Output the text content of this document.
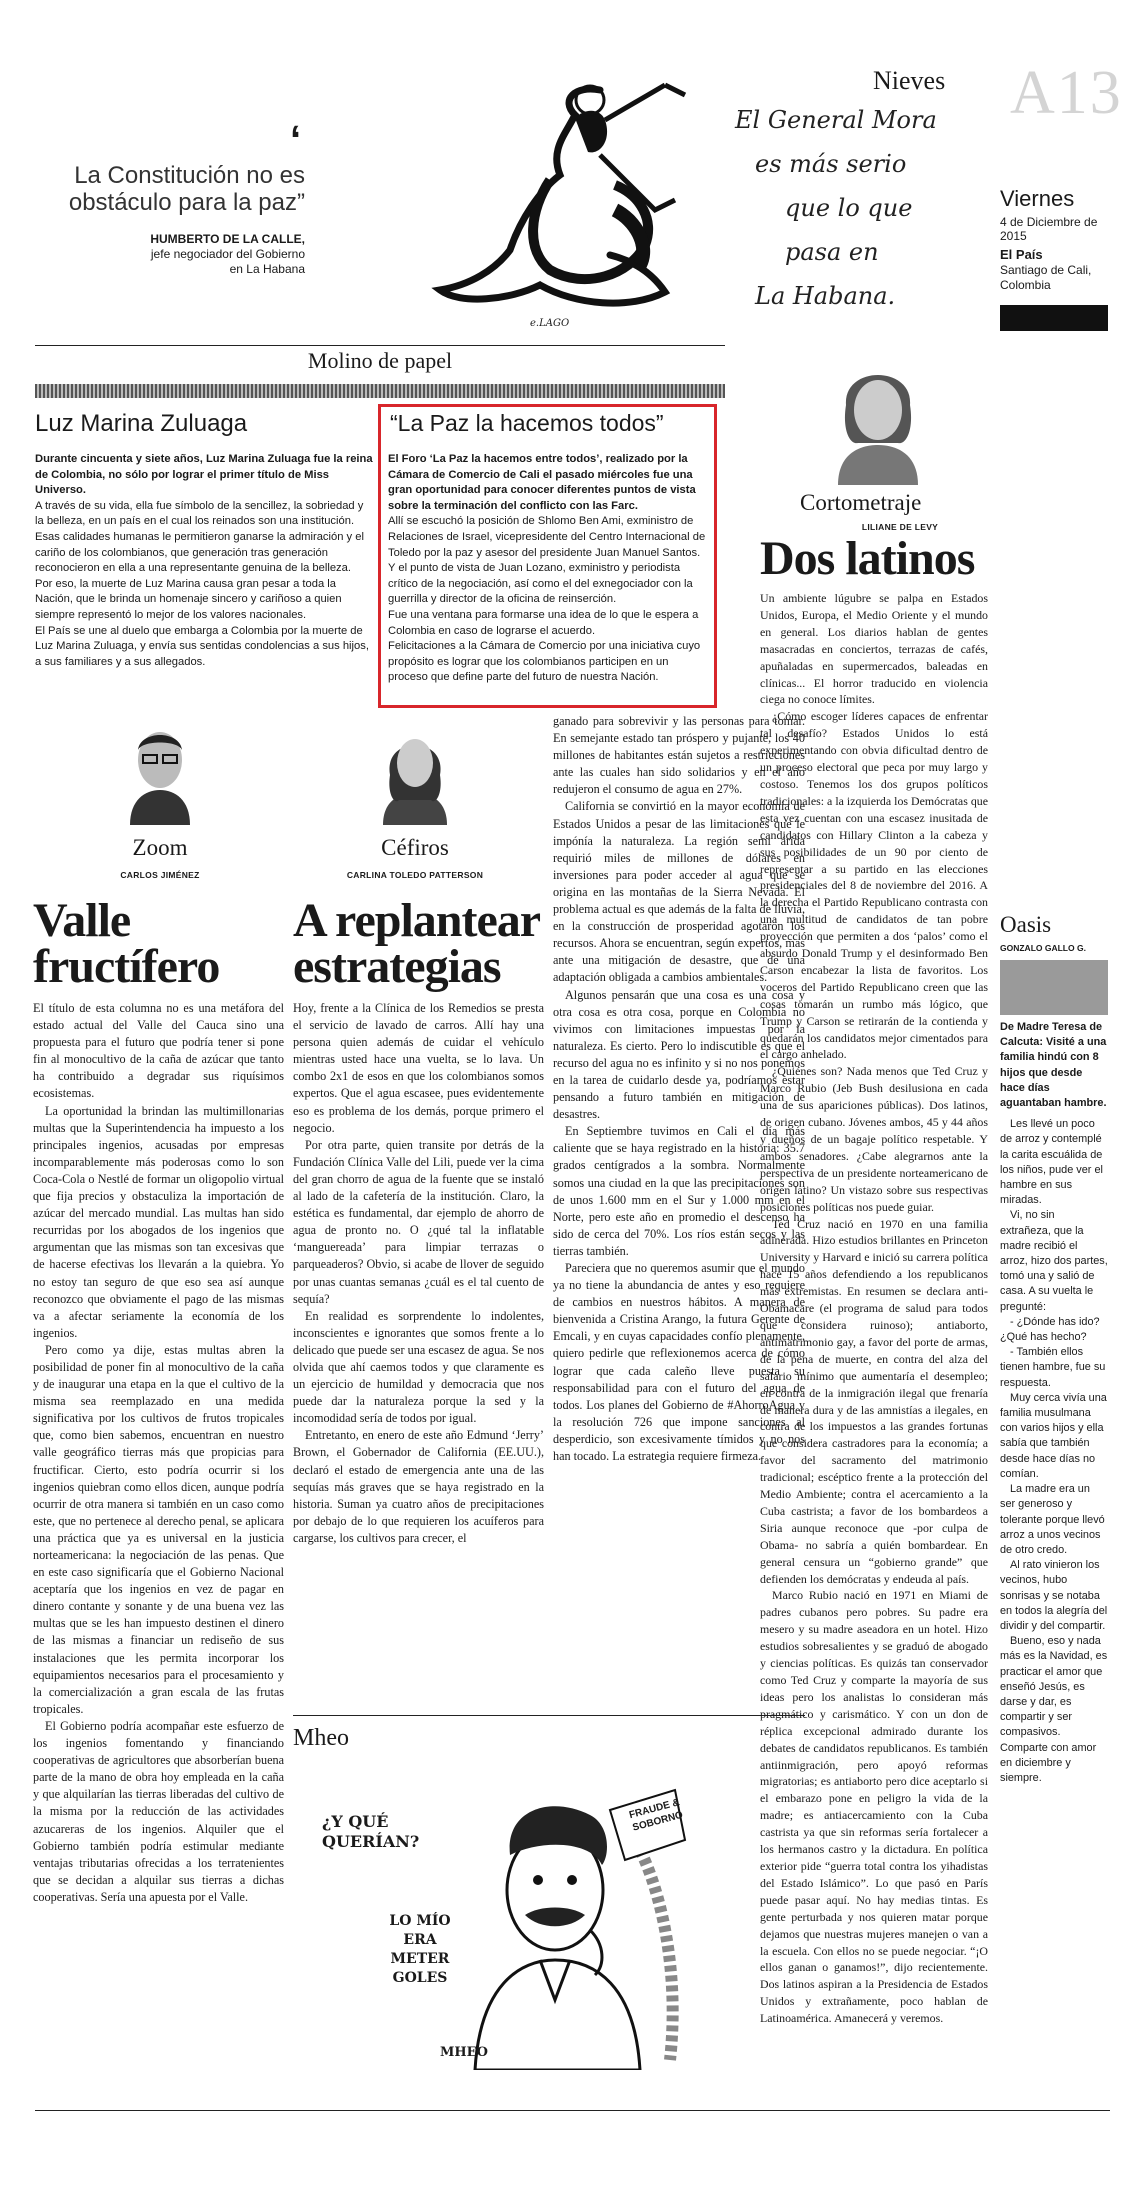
A13
‘
La Constitución no es obstáculo para la paz”
HUMBERTO DE LA CALLE,
jefe negociador del Gobierno en La Habana
Nieves
El General Mora
es más serio
que lo que
pasa en
La Habana.
e.LAGO
Viernes
4 de Diciembre de 2015
El País
Santiago de Cali, Colombia
Molino de papel
Luz Marina Zuluaga
Durante cincuenta y siete años, Luz Marina Zuluaga fue la reina de Colombia, no sólo por lograr el primer título de Miss Universo.
A través de su vida, ella fue símbolo de la sencillez, la sobriedad y la belleza, en un país en el cual los reinados son una institución.
Esas calidades humanas le permitieron ganarse la admiración y el cariño de los colombianos, que generación tras generación reconocieron en ella a una representante genuina de la belleza.
Por eso, la muerte de Luz Marina causa gran pesar a toda la Nación, que le brinda un homenaje sincero y cariñoso a quien siempre representó lo mejor de los valores nacionales.
El País se une al duelo que embarga a Colombia por la muerte de Luz Marina Zuluaga, y envía sus sentidas condolencias a sus hijos, a sus familiares y a sus allegados.
“La Paz la hacemos todos”
El Foro ‘La Paz la hacemos entre todos’, realizado por la Cámara de Comercio de Cali el pasado miércoles fue una gran oportunidad para conocer diferentes puntos de vista sobre la terminación del conflicto con las Farc.
Allí se escuchó la posición de Shlomo Ben Ami, exministro de Relaciones de Israel, vicepresidente del Centro Internacional de Toledo por la paz y asesor del presidente Juan Manuel Santos.
Y el punto de vista de Juan Lozano, exministro y periodista crítico de la negociación, así como el del exnegociador con la guerrilla y director de la oficina de reinserción.
Fue una ventana para formarse una idea de lo que le espera a Colombia en caso de lograrse el acuerdo.
Felicitaciones a la Cámara de Comercio por una iniciativa cuyo propósito es lograr que los colombianos participen en un proceso que define parte del futuro de nuestra Nación.
Zoom
CARLOS JIMÉNEZ
Valle fructífero

El título de esta columna no es una metáfora del estado actual del Valle del Cauca sino una propuesta para el futuro que podría tener si pone fin al monocultivo de la caña de azúcar que tanto ha contribuido a degradar sus riquísimos ecosistemas.

La oportunidad la brindan las multimillonarias multas que la Superintendencia ha impuesto a los principales ingenios, acusadas por empresas incomparablemente más poderosas como lo son Coca-Cola o Nestlé de formar un oligopolio virtual que fija precios y obstaculiza la importación de azúcar del mercado mundial. Las multas han sido recurridas por los abogados de los ingenios que argumentan que las mismas son tan excesivas que de hacerse efectivas los llevarán a la quiebra. Yo no estoy tan seguro de que eso sea así aunque reconozco que obviamente el pago de las mismas va a afectar seriamente la economía de los ingenios.

Pero como ya dije, estas multas abren la posibilidad de poner fin al monocultivo de la caña y de inaugurar una etapa en la que el cultivo de la misma sea reemplazado en una medida significativa por los cultivos de frutos tropicales que, como bien sabemos, encuentran en nuestro valle geográfico tierras más que propicias para fructificar. Cierto, esto podría ocurrir si los ingenios quiebran como ellos dicen, aunque podría ocurrir de otra manera si también en un caso como este, que no pertenece al derecho penal, se aplicara una práctica que ya es universal en la justicia norteamericana: la negociación de las penas. Que en este caso significaría que el Gobierno Nacional aceptaría que los ingenios en vez de pagar en dinero contante y sonante y de una buena vez las multas que se les han impuesto destinen el dinero de las mismas a financiar un rediseño de sus instalaciones que les permita incorporar los equipamientos necesarios para el procesamiento y la comercialización a gran escala de las frutas tropicales.

El Gobierno podría acompañar este esfuerzo de los ingenios fomentando y financiando cooperativas de agricultores que absorberían buena parte de la mano de obra hoy empleada en la caña y que alquilarían las tierras liberadas del cultivo de la misma por la reducción de las actividades azucareras de los ingenios. Alquiler que el Gobierno también podría estimular mediante ventajas tributarias ofrecidas a los terratenientes que se decidan a alquilar sus tierras a dichas cooperativas. Sería una apuesta por el Valle.

Céfiros
CARLINA TOLEDO PATTERSON
A replantear estrategias

Hoy, frente a la Clínica de los Remedios se presta el servicio de lavado de carros. Allí hay una persona quien además de cuidar el vehículo mientras usted hace una vuelta, se lo lava. Un combo 2x1 de esos en que los colombianos somos expertos. Que el agua escasee, pues evidentemente eso es problema de los demás, porque primero el negocio.

Por otra parte, quien transite por detrás de la Fundación Clínica Valle del Lili, puede ver la cima del gran chorro de agua de la fuente que se instaló al lado de la cafetería de la institución. Claro, la estética es fundamental, dar ejemplo de ahorro de agua de pronto no. O ¿qué tal la inflatable ‘manguereada’ para limpiar terrazas o parqueaderos? Obvio, si acabe de llover de seguido por unas cuantas semanas ¿cuál es el tal cuento de sequía?

En realidad es sorprendente lo indolentes, inconscientes e ignorantes que somos frente a lo delicado que puede ser una escasez de agua. Se nos olvida que ahí caemos todos y que claramente es un ejercicio de humildad y democracia que nos puede dar la naturaleza porque la sed y la incomodidad sería de todos por igual.

Entretanto, en enero de este año Edmund ‘Jerry’ Brown, el Gobernador de California (EE.UU.), declaró el estado de emergencia ante una de las sequías más graves que se haya registrado en la historia. Suman ya cuatro años de precipitaciones por debajo de lo que requieren los acuíferos para cargarse, los cultivos para crecer, el

ganado para sobrevivir y las personas para tomar. En semejante estado tan próspero y pujante, los 40 millones de habitantes están sujetos a restricciones ante las cuales han sido solidarios y en el año redujeron el consumo de agua en 27%.

California se convirtió en la mayor economía de Estados Unidos a pesar de las limitaciones que le impónía la naturaleza. La región semi árida requirió miles de millones de dólares en inversiones para poder acceder al agua que se origina en las montañas de la Sierra Nevada. El problema actual es que además de la falta de lluvia, en la construcción de prosperidad agotaron los recursos. Ahora se encuentran, según expertos, mas ante una mitigación de desastre, que de una adaptación obligada a cambios ambientales.

Algunos pensarán que una cosa es una cosa y otra cosa es otra cosa, porque en Colombia no vivimos con limitaciones impuestas por la naturaleza. Es cierto. Pero lo indiscutible es que el recurso del agua no es infinito y si no nos ponemos en la tarea de cuidarlo desde ya, podríamos estar pensando a futuro también en mitigación de desastres.

En Septiembre tuvimos en Cali el día más caliente que se haya registrado en la historia: 35.7 grados centígrados a la sombra. Normalmente somos una ciudad en la que las precipitaciones son de unos 1.600 mm en el Sur y 1.000 mm en el Norte, pero este año en promedio el descenso ha sido de cerca del 70%. Los ríos están secos y las tierras también.

Pareciera que no queremos asumir que el mundo ya no tiene la abundancia de antes y eso requiere de cambios en nuestros hábitos. A manera de bienvenida a Cristina Arango, la futura Gerente de Emcali, y en cuyas capacidades confío plenamente, quiero pedirle que reflexionemos acerca de cómo lograr que cada caleño lleve puesta su responsabilidad para con el futuro del agua de todos. Los planes del Gobierno de #AhorroAgua y la resolución 726 que impone sanciones al desperdicio, son excesivamente tímidos y no nos han tocado. La estrategia requiere firmeza.

Mheo
¿Y QUÉ QUERÍAN?
LO MÍO ERA METER GOLES
FRAUDE & SOBORNO
MHEO
Cortometraje
LILIANE DE LEVY
Dos latinos

Un ambiente lúgubre se palpa en Estados Unidos, Europa, el Medio Oriente y el mundo en general. Los diarios hablan de gentes masacradas en conciertos, terrazas de cafés, apuñaladas en supermercados, baleadas en clínicas... El horror traducido en violencia ciega no conoce límites.

¿Cómo escoger líderes capaces de enfrentar tal desafío? Estados Unidos lo está experimentando con obvia dificultad dentro de un proceso electoral que peca por muy largo y costoso. Tenemos los dos grupos políticos tradicionales: a la izquierda los Demócratas que esta vez cuentan con una escasez inusitada de candidatos con Hillary Clinton a la cabeza y sus posibilidades de un 90 por ciento de representar a su partido en las elecciones presidenciales del 8 de noviembre del 2016. A la derecha el Partido Republicano contrasta con una multitud de candidatos de tan pobre proyección que permiten a dos ‘palos’ como el absurdo Donald Trump y el desinformado Ben Carson encabezar la lista de favoritos. Los voceros del Partido Republicano creen que las cosas tomarán un rumbo más lógico, que Trump y Carson se retirarán de la contienda y quedarán los candidatos mejor cimentados para el cargo anhelado.

¿Quiénes son? Nada menos que Ted Cruz y Marco Rubio (Jeb Bush desilusiona en cada una de sus apariciones públicas). Dos latinos, de origen cubano. Jóvenes ambos, 45 y 44 años y dueños de un bagaje político respetable. Y ambos senadores. ¿Cabe alegrarnos ante la perspectiva de un presidente norteamericano de origen latino? Un vistazo sobre sus respectivas posiciones políticas nos puede guiar.

Ted Cruz nació en 1970 en una familia adinerada. Hizo estudios brillantes en Princeton University y Harvard e inició su carrera política hace 15 años defendiendo a los republicanos más extremistas. En resumen se declara anti-Obamacare (el programa de salud para todos que considera ruinoso); antiaborto, antimatrimonio gay, a favor del porte de armas, de la pena de muerte, en contra del alza del salario mínimo que aumentaría el desempleo; en contra de la inmigración ilegal que frenaría de manera dura y de las amnistías a ilegales, en contra de los impuestos a las grandes fortunas que considera castradores para la economía; a favor del sacramento del matrimonio tradicional; escéptico frente a la protección del Medio Ambiente; contra el acercamiento a la Cuba castrista; a favor de los bombardeos a Siria aunque reconoce que -por culpa de Obama- no sabría a quién bombardear. En general censura un “gobierno grande” que defienden los demócratas y endeuda al país.

Marco Rubio nació en 1971 en Miami de padres cubanos pero pobres. Su padre era mesero y su madre aseadora en un hotel. Hizo estudios sobresalientes y se graduó de abogado y ciencias políticas. Es quizás tan conservador como Ted Cruz y comparte la mayoría de sus ideas pero los analistas lo consideran más pragmático y carismático. Y con un don de réplica excepcional admirado durante los debates de candidatos republicanos. Es también antiinmigración, pero apoyó reformas migratorias; es antiaborto pero dice aceptarlo si el embarazo pone en peligro la vida de la madre; es antiacercamiento con la Cuba castrista ya que sin reformas sería fortalecer a los hermanos castro y la dictadura. En política exterior pide “guerra total contra los yihadistas del Estado Islámico”. Lo que pasó en París puede pasar aquí. No hay medias tintas. Es gente perturbada y nos quieren matar porque dejamos que nuestras mujeres manejen o van a la escuela. Con ellos no se puede negociar. “¡O ellos ganan o ganamos!”, dijo recientemente. Dos latinos aspiran a la Presidencia de Estados Unidos y extrañamente, poco hablan de Latinoamérica. Amanecerá y veremos.

Oasis
GONZALO GALLO G.
De Madre Teresa de Calcuta: Visité a una familia hindú con 8 hijos que desde hace días aguantaban hambre.
Les llevé un poco de arroz y contemplé la carita escuálida de los niños, pude ver el hambre en sus miradas.
Vi, no sin extrañeza, que la madre recibió el arroz, hizo dos partes, tomó una y salió de casa. A su vuelta le pregunté:
- ¿Dónde has ido? ¿Qué has hecho?
- También ellos tienen hambre, fue su respuesta.
Muy cerca vivía una familia musulmana con varios hijos y ella sabía que también desde hace días no comían.
La madre era un ser generoso y tolerante porque llevó arroz a unos vecinos de otro credo.
Al rato vinieron los vecinos, hubo sonrisas y se notaba en todos la alegría del dividir y del compartir.
Bueno, eso y nada más es la Navidad, es practicar el amor que enseñó Jesús, es darse y dar, es compartir y ser compasivos. Comparte con amor en diciembre y siempre.
